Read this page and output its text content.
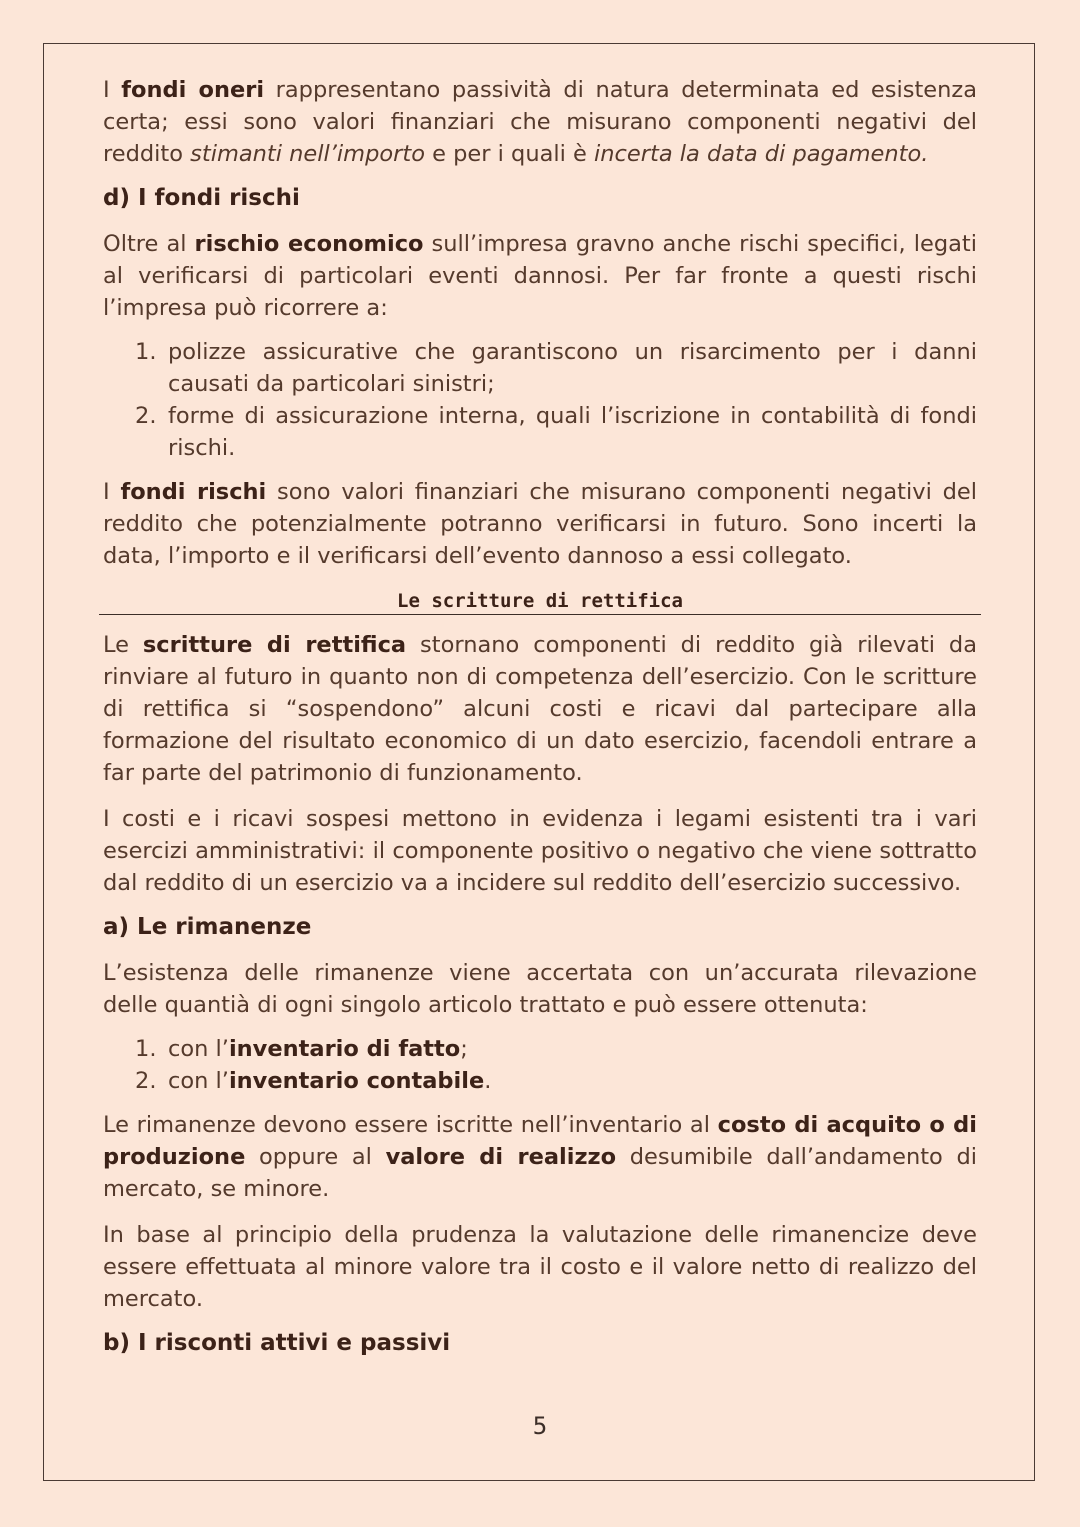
I fondi oneri rappresentano passività di natura determinata ed esistenza certa; essi sono valori finanziari che misurano componenti negativi del reddito stimanti nell’importo e per i quali è incerta la data di pagamento.

d) I fondi rischi

Oltre al rischio economico sull’impresa gravno anche rischi specifici, legati al verificarsi di particolari eventi dannosi. Per far fronte a questi rischi l’impresa può ricorrere a:

1. polizze assicurative che garantiscono un risarcimento per i danni causati da particolari sinistri;
2. forme di assicurazione interna, quali l’iscrizione in contabilità di fondi rischi.

I fondi rischi sono valori finanziari che misurano componenti negativi del reddito che potenzialmente potranno verificarsi in futuro. Sono incerti la data, l’importo e il verificarsi dell’evento dannoso a essi collegato.

Le scritture di rettifica

Le scritture di rettifica stornano componenti di reddito già rilevati da rinviare al futuro in quanto non di competenza dell’esercizio. Con le scritture di rettifica si “sospendono” alcuni costi e ricavi dal partecipare alla formazione del risultato economico di un dato esercizio, facendoli entrare a far parte del patrimonio di funzionamento.

I costi e i ricavi sospesi mettono in evidenza i legami esistenti tra i vari esercizi amministrativi: il componente positivo o negativo che viene sottratto dal reddito di un esercizio va a incidere sul reddito dell’esercizio successivo.

a) Le rimanenze

L’esistenza delle rimanenze viene accertata con un’accurata rilevazione delle quantià di ogni singolo articolo trattato e può essere ottenuta:

1. con l’inventario di fatto;
2. con l’inventario contabile.

Le rimanenze devono essere iscritte nell’inventario al costo di acquito o di produzione oppure al valore di realizzo desumibile dall’andamento di mercato, se minore.

In base al principio della prudenza la valutazione delle rimanencize deve essere effettuata al minore valore tra il costo e il valore netto di realizzo del mercato.

b) I risconti attivi e passivi
5
